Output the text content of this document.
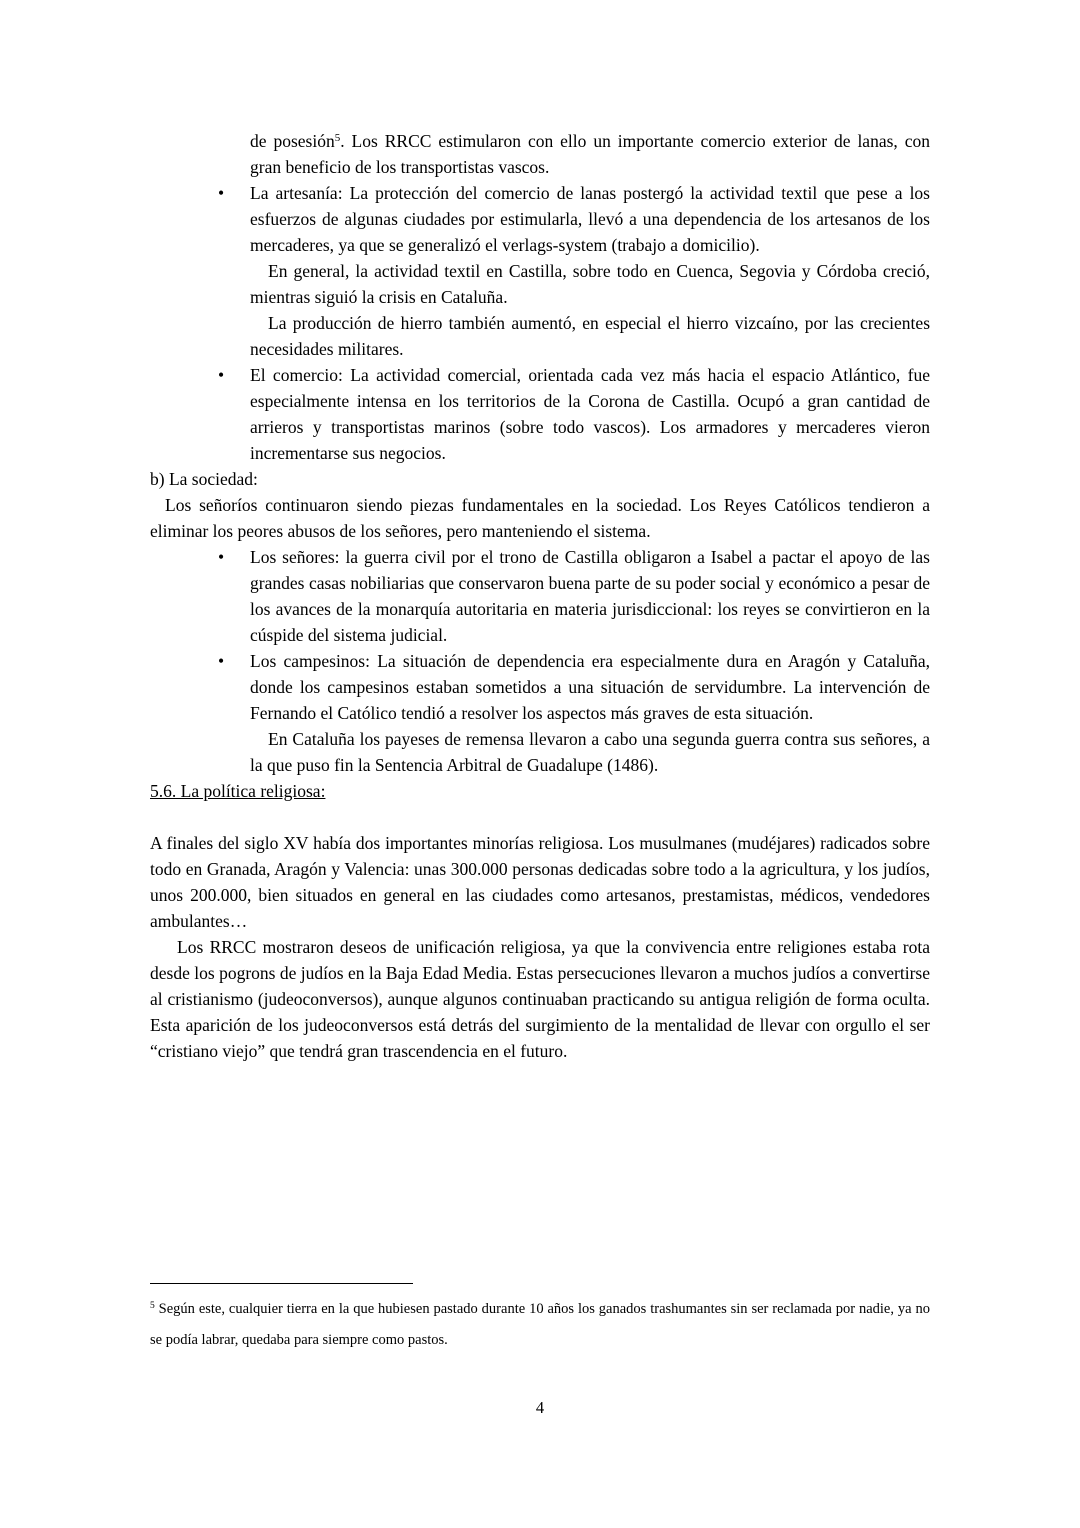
de posesión$^5$. Los RRCC estimularon con ello un importante comercio exterior de lanas, con gran beneficio de los transportistas vascos.

• La artesanía: La protección del comercio de lanas postergó la actividad textil que pese a los esfuerzos de algunas ciudades por estimularla, llevó a una dependencia de los artesanos de los mercaderes, ya que se generalizó el verlags-system (trabajo a domicilio).

En general, la actividad textil en Castilla, sobre todo en Cuenca, Segovia y Córdoba creció, mientras siguió la crisis en Cataluña.

La producción de hierro también aumentó, en especial el hierro vizcaíno, por las crecientes necesidades militares.

• El comercio: La actividad comercial, orientada cada vez más hacia el espacio Atlántico, fue especialmente intensa en los territorios de la Corona de Castilla. Ocupó a gran cantidad de arrieros y transportistas marinos (sobre todo vascos). Los armadores y mercaderes vieron incrementarse sus negocios.

b) La sociedad:

Los señoríos continuaron siendo piezas fundamentales en la sociedad. Los Reyes Católicos tendieron a eliminar los peores abusos de los señores, pero manteniendo el sistema.

• Los señores: la guerra civil por el trono de Castilla obligaron a Isabel a pactar el apoyo de las grandes casas nobiliarias que conservaron buena parte de su poder social y económico a pesar de los avances de la monarquía autoritaria en materia jurisdiccional: los reyes se convirtieron en la cúspide del sistema judicial.

• Los campesinos: La situación de dependencia era especialmente dura en Aragón y Cataluña, donde los campesinos estaban sometidos a una situación de servidumbre. La intervención de Fernando el Católico tendió a resolver los aspectos más graves de esta situación.

En Cataluña los payeses de remensa llevaron a cabo una segunda guerra contra sus señores, a la que puso fin la Sentencia Arbitral de Guadalupe (1486).

5.6. La política religiosa:

A finales del siglo XV había dos importantes minorías religiosa. Los musulmanes (mudéjares) radicados sobre todo en Granada, Aragón y Valencia: unas 300.000 personas dedicadas sobre todo a la agricultura, y los judíos, unos 200.000, bien situados en general en las ciudades como artesanos, prestamistas, médicos, vendedores ambulantes…

Los RRCC mostraron deseos de unificación religiosa, ya que la convivencia entre religiones estaba rota desde los pogrons de judíos en la Baja Edad Media. Estas persecuciones llevaron a muchos judíos a convertirse al cristianismo (judeoconversos), aunque algunos continuaban practicando su antigua religión de forma oculta. Esta aparición de los judeoconversos está detrás del surgimiento de la mentalidad de llevar con orgullo el ser “cristiano viejo” que tendrá gran trascendencia en el futuro.

$^5$ Según este, cualquier tierra en la que hubiesen pastado durante 10 años los ganados trashumantes sin ser reclamada por nadie, ya no se podía labrar, quedaba para siempre como pastos.

4
